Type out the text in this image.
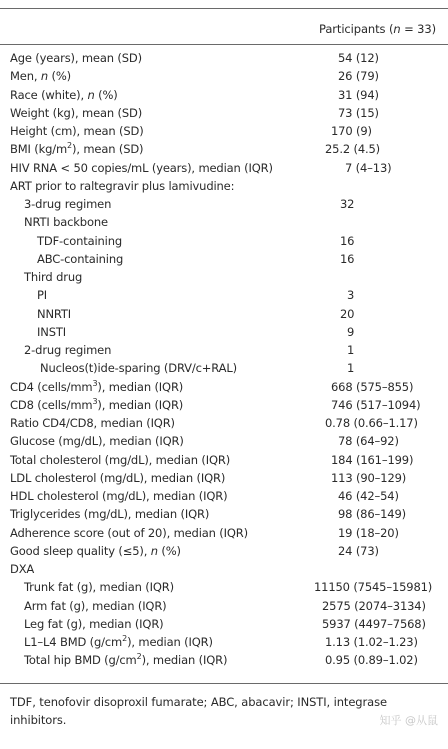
Participants (n = 33)
Age (years), mean (SD)	54 (12)
Men, n (%)	26 (79)
Race (white), n (%)	31 (94)
Weight (kg), mean (SD)	73 (15)
Height (cm), mean (SD)	170 (9)
BMI $(kg/m^2)$, mean (SD)	25.2 (4.5)
HIV RNA < 50 copies/mL (years), median (IQR)	7 (4–13)
ART prior to raltegravir plus lamivudine:
3-drug regimen	32
NRTI backbone
TDF-containing	16
ABC-containing	16
Third drug
PI	3
NNRTI	20
INSTI	9
2-drug regimen	1
Nucleos(t)ide-sparing (DRV/c+RAL)	1
CD4 $(cells/mm^3)$, median (IQR)	668 (575–855)
CD8 $(cells/mm^3)$, median (IQR)	746 (517–1094)
Ratio CD4/CD8, median (IQR)	0.78 (0.66–1.17)
Glucose (mg/dL), median (IQR)	78 (64–92)
Total cholesterol (mg/dL), median (IQR)	184 (161–199)
LDL cholesterol (mg/dL), median (IQR)	113 (90–129)
HDL cholesterol (mg/dL), median (IQR)	46 (42–54)
Triglycerides (mg/dL), median (IQR)	98 (86–149)
Adherence score (out of 20), median (IQR)	19 (18–20)
Good sleep quality (≤5), n (%)	24 (73)
DXA
Trunk fat (g), median (IQR)	11150 (7545–15981)
Arm fat (g), median (IQR)	2575 (2074–3134)
Leg fat (g), median (IQR)	5937 (4497–7568)
L1–L4 BMD $(g/cm^2)$, median (IQR)	1.13 (1.02–1.23)
Total hip BMD $(g/cm^2)$, median (IQR)	0.95 (0.89–1.02)
TDF, tenofovir disoproxil fumarate; ABC, abacavir; INSTI, integrase inhibitors.	知乎 @从鼠
